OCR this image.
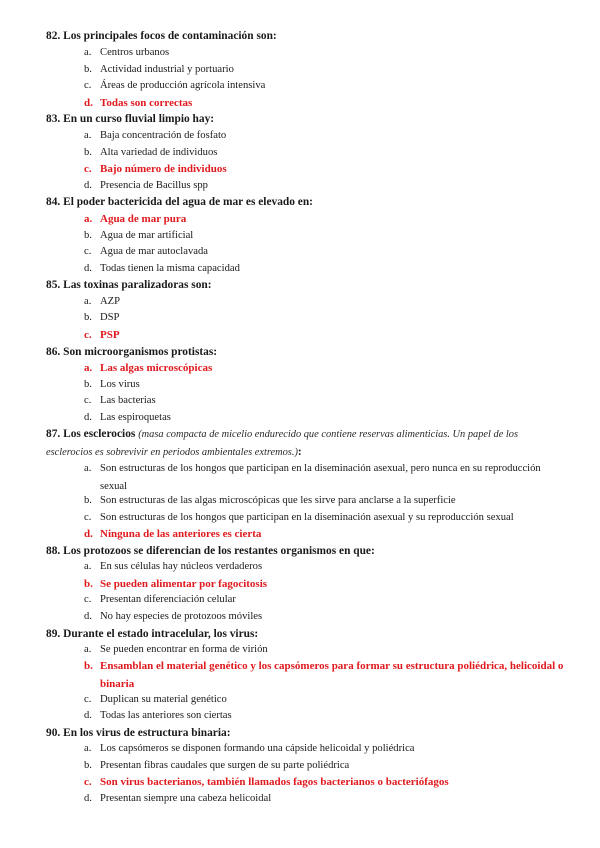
82. Los principales focos de contaminación son:
a. Centros urbanos
b. Actividad industrial y portuario
c. Áreas de producción agrícola intensiva
d. Todas son correctas
83. En un curso fluvial limpio hay:
a. Baja concentración de fosfato
b. Alta variedad de individuos
c. Bajo número de individuos
d. Presencia de Bacillus spp
84. El poder bactericida del agua de mar es elevado en:
a. Agua de mar pura
b. Agua de mar artificial
c. Agua de mar autoclavada
d. Todas tienen la misma capacidad
85. Las toxinas paralizadoras son:
a. AZP
b. DSP
c. PSP
86. Son microorganismos protistas:
a. Las algas microscópicas
b. Los virus
c. Las bacterias
d. Las espiroquetas
87. Los esclerocios (masa compacta de micelio endurecido que contiene reservas alimenticias. Un papel de los esclerocios es sobrevivir en periodos ambientales extremos.):
a. Son estructuras de los hongos que participan en la diseminación asexual, pero nunca en su reproducción sexual
b. Son estructuras de las algas microscópicas que les sirve para anclarse a la superficie
c. Son estructuras de los hongos que participan en la diseminación asexual y su reproducción sexual
d. Ninguna de las anteriores es cierta
88. Los protozoos se diferencian de los restantes organismos en que:
a. En sus células hay núcleos verdaderos
b. Se pueden alimentar por fagocitosis
c. Presentan diferenciación celular
d. No hay especies de protozoos móviles
89. Durante el estado intracelular, los virus:
a. Se pueden encontrar en forma de virión
b. Ensamblan el material genético y los capsómeros para formar su estructura poliédrica, helicoidal o binaria
c. Duplican su material genético
d. Todas las anteriores son ciertas
90. En los virus de estructura binaria:
a. Los capsómeros se disponen formando una cápside helicoidal y poliédrica
b. Presentan fibras caudales que surgen de su parte poliédrica
c. Son virus bacterianos, también llamados fagos bacterianos o bacteriófagos
d. Presentan siempre una cabeza helicoidal
